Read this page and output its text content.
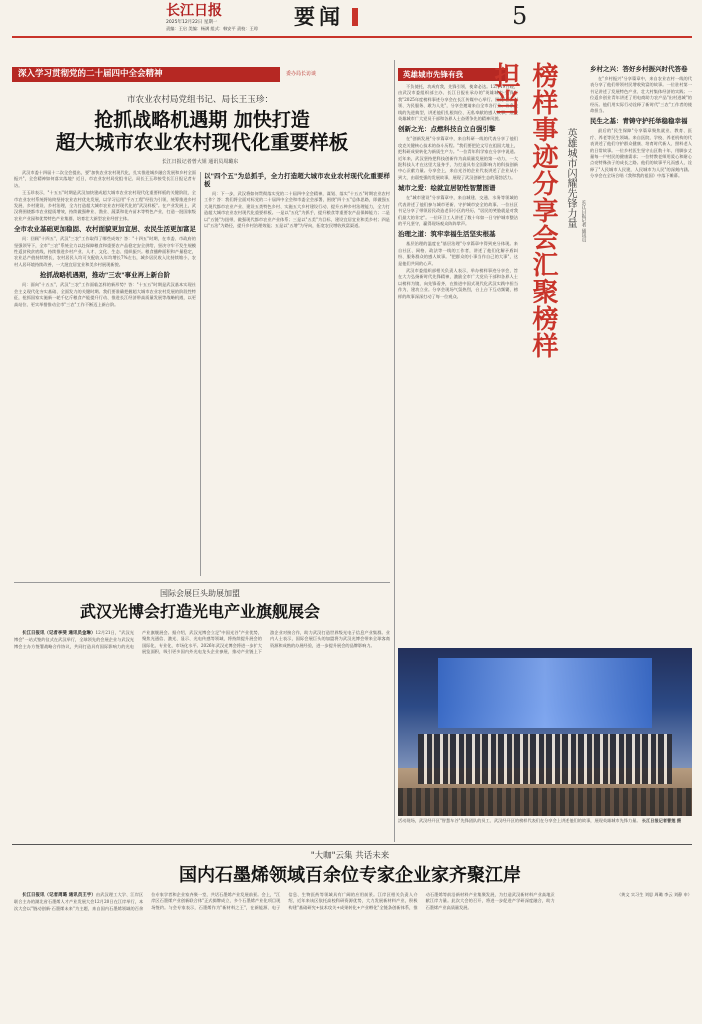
长江日报
2025年12月22日 星期一
责编：王启 美编：杨满 组式：韩安平 责校：王琼	要闻	5
深入学习贯彻党的二十届四中全会精神	委办局长访谈
市农业农村局党组书记、局长王玉珍：
抢抓战略机遇期 加快打造
超大城市农业农村现代化重要样板
长江日报记者曾大姐 通讯员周璐东

武汉市委十四届十二次全会提出，要"加快农业农村现代化，扎实推进城乡融合发展和乡村全面振兴"，全会精神如何落实落地？近日，市农业农村局党组书记、局长王玉珍接受长江日报记者专访。

王玉珍表示，"十五五"时期是武汉加快建成超大城市农业农村现代化重要样板的关键阶段，全市农业农村系统将始终坚持农业农村优先发展，以学习运用"千万工程"经验为引领，统筹推进乡村发展、乡村建设、乡村治理，全力打造超大城市农业农村现代化的"武汉样板"。在产业发展上，武汉将围绕都市农业提质增效，持续做强种业、渔业、蔬菜和花卉苗木等特色产业，打造一批国家级农业产业园和优势特色产业集群，培育壮大新型农业经营主体。

全市农业基础更加稳固、农村面貌更加宜居、农民生活更加富足

问：回顾"十四五"，武汉"三农"工作取得了哪些成效？答："十四五"时期，在市委、市政府的坚强领导下，全市"三农"系统全力以赴保障粮食和重要农产品稳定安全供给，坚决守牢不发生规模性返贫致贫底线，持续推进乡村产业、人才、文化、生态、组织振兴。粮食播种面积和产量稳定，农业总产值持续增长，农村居民人均可支配收入年均增长7%左右，城乡居民收入比持续缩小，农村人居环境持续改善，一大批宜居宜业和美乡村展现新貌。

抢抓战略机遇期，推动"三农"事业再上新台阶

问：面向"十五五"，武汉"三农"工作面临怎样的新形势？答："十五五"时期是武汉基本实现社会主义现代化夯实基础、全面发力的关键时期。我们要准确把握超大城市农业农村发展的阶段性特征，抢抓国家实施新一轮千亿斤粮食产能提升行动、推进长江经济带高质量发展等战略机遇，以更高站位、更实举措推动全市"三农"工作不断迈上新台阶。

以"四个五"为总抓手，全力打造超大城市农业农村现代化重要样板

问：下一步，武汉将如何贯彻落实党的二十届四中全会精神，谋划、落实"十五五"时期农业农村工作？答：我们将全面对标党的二十届四中全会和市委全会部署，围绕"四个五"总体思路，即做强五大现代都市农业产业、建设五类特色乡村、实施五大乡村建设行动、提升五种乡村治理能力，全力打造超大城市农业农村现代化重要样板。一是以"五化"为抓手，提升粮食等重要农产品保障能力；二是以"五链"为纽带，做强现代都市农业产业体系；三是以"五美"为目标，建设宜居宜业和美乡村；四是以"五治"为路径，提升乡村治理效能；五是以"五增"为导向，拓宽农民增收致富渠道。

国际会展巨头助展加盟
武汉光博会打造光电产业旗舰展会

长江日报讯（记者李斐 通讯员金琳）12月21日，"武汉光博会"一站式签约仪式在武汉举行，全球领先的会展企业与武汉光博会主办方签署战略合作协议，共同打造具有国际影响力的光电产业旗舰展会。据介绍，武汉光博会立足"中国光谷"产业优势，聚焦光通信、激光、显示、光电传感等领域，将持续提升展会的国际化、专业化、市场化水平。2026年武汉光博会将进一步扩大展览面积，吸引更多国内外光电龙头企业参展，推动产业链上下游企业对接合作，助力武汉打造世界级光电子信息产业集群。业内人士表示，国际会展巨头的加盟将为武汉光博会带来全球客商资源和成熟的办展经验，进一步提升展会的品牌影响力。

英雄城市先锋有我

不负使托，功成有我，先锋引领，使命必达。12月19日晚，由武汉市委组织部主办、长江日报社承办的"英雄城市·先锋有我"2025年度榜样事迹分享会在长江传媒中心举行。围绕"创新引领、为民服务、敢为人先"，分享会邀请来自全市各行业、各条战线的先进典型，讲述他们扎根岗位、无私奉献的感人故事，展现英雄城市广大党员干部和各界人士奋勇争先的精神风貌。

创新之光：点燃科技自立自强引擎

在"创新发展"分享篇章中，来自科研一线的代表分享了他们攻克关键核心技术的奋斗历程。"我们要把论文写在祖国大地上，把科研成果转化为新质生产力。"一位青年科学家在分享中说道。近年来，武汉坚持把科技创新作为高质量发展的第一动力，一大批科技人才在这里大显身手，为打造具有全国影响力的科技创新中心贡献力量。分享会上，来自光谷的企业代表讲述了企业从小到大、由弱变强的发展故事，展现了武汉创新生态的蓬勃活力。

城市之爱：绘就宜居韧性智慧图谱

在"城市建设"分享篇章中，来自城建、交通、水务等领域的代表讲述了他们参与城市更新、守护城市安全的故事。一位社区书记分享了带领居民改造老旧小区的经历，"居民的笑脸就是对我们最大的肯定"。一位环卫工人讲述了数十年如一日守护城市整洁的平凡坚守，赢得现场观众阵阵掌声。

治理之道：筑牢幸福生活坚实根基

基层治理的温度在"基层治理"分享篇章中得到充分体现。来自社区、网格、政法等一线的工作者，讲述了他们化解矛盾纠纷、服务群众的感人故事。"把群众的小事当作自己的大事"，这是他们共同的心声。

武汉市委组织部相关负责人表示，举办榜样事迹分享会，旨在大力弘扬新时代先锋精神，激励全市广大党员干部和各界人士以榜样为镜、向先锋看齐，在推进中国式现代化武汉实践中担当作为、建功立业。分享会现场气氛热烈，台上台下互动频繁，榜样的故事深深打动了每一位观众。	榜样事迹分享会汇聚榜样担当
英雄城市闪耀先锋力量	长江日报记者 通讯员
乡村之兴：答好乡村振兴时代答卷

在"乡村振兴"分享篇章中，来自农业农村一线的代表分享了他们带领村民增收致富的故事。一位驻村第一书记讲述了发展特色产业、壮大村集体经济的实践；一位返乡创业青年讲述了用电商助力农产品"出村进城"的经历。他们用实际行动诠释了新时代"三农"工作者的使命担当。

民生之基：青铸守护托举稳稳幸福

最后的"民生保障"分享篇章聚焦就业、教育、医疗、养老等民生领域。来自医院、学校、养老机构的代表讲述了他们守护群众健康、培育时代新人、照料老人的日常故事。一位乡村医生坚守山区数十年，用脚步丈量每一户村民的健康需求；一位特教老师用爱心和耐心点亮特殊孩子的成长之路。他们的故事平凡而感人，诠释了"人民城市人民建，人民城市为人民"的深刻内涵。分享会在全场合唱《我和我的祖国》中落下帷幕。

活动现场，武汉经开区"智慧车谷"先锋团队的员工、武汉经开区的榜样代表们在分享会上讲述他们的故事，展现英雄城市先锋力量。 长江日报记者曹莲 摄
"大咖"云集 共话未来
国内石墨烯领域百余位专家企业家齐聚江岸

长江日报讯（记者周璐 通讯员王宇）由武汉理工大学、江岸区联合主办的湖北省石墨烯人才产业发展大会12月20日在江岸举行，本次大会以"链动创新·石墨烯未来"为主题，来自国内石墨烯领域的百余位专家学者和企业家齐聚一堂，共话石墨烯产业发展前景。会上，"江岸区石墨烯产业创新联合体"正式揭牌成立，多个石墨烯产业化项目现场签约。与会专家表示，石墨烯作为"新材料之王"，在新能源、电子信息、生物医药等领域具有广阔的应用前景。江岸区相关负责人介绍，近年来该区依托高校科研资源优势，大力发展新材料产业，积极构建"基础研究+技术攻关+成果转化+产业孵化"全链条创新体系，推动石墨烯等前沿新材料产业集聚发展，为打造武汉新材料产业高地贡献江岸力量。此次大会的召开，将进一步促进产学研深度融合，助力石墨烯产业高质量发展。

（黄文 实习生 刘思 周璐 李云 刘静 申）
